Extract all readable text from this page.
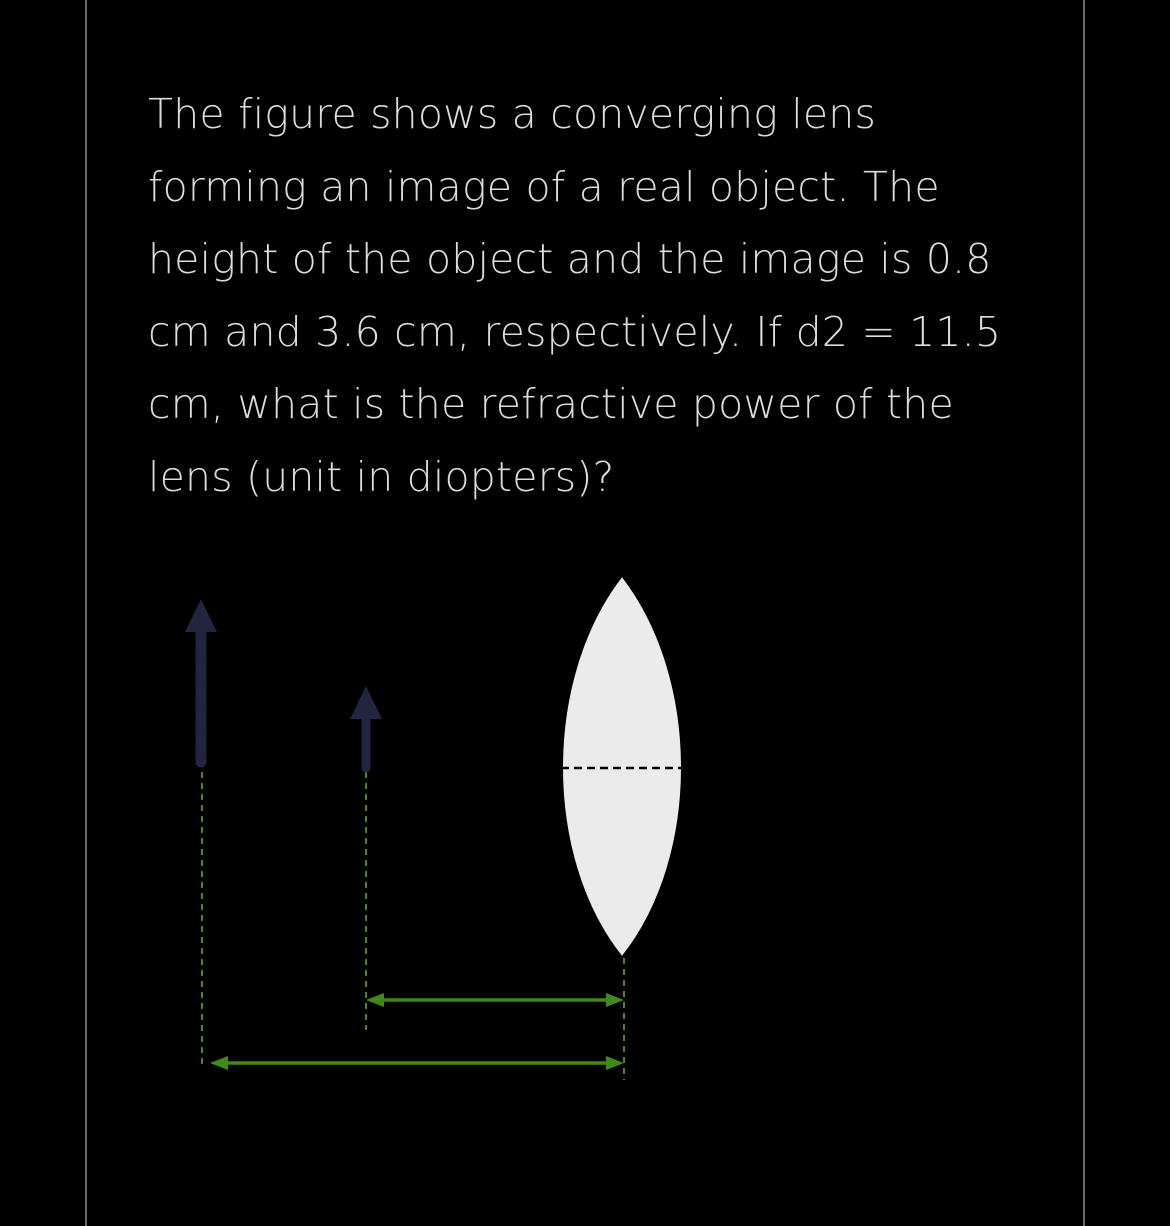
The figure shows a converging lens forming an image of a real object. The height of the object and the image is 0.8 cm and 3.6 cm, respectively. If d2 = 11.5 cm, what is the refractive power of the lens (unit in diopters)?
